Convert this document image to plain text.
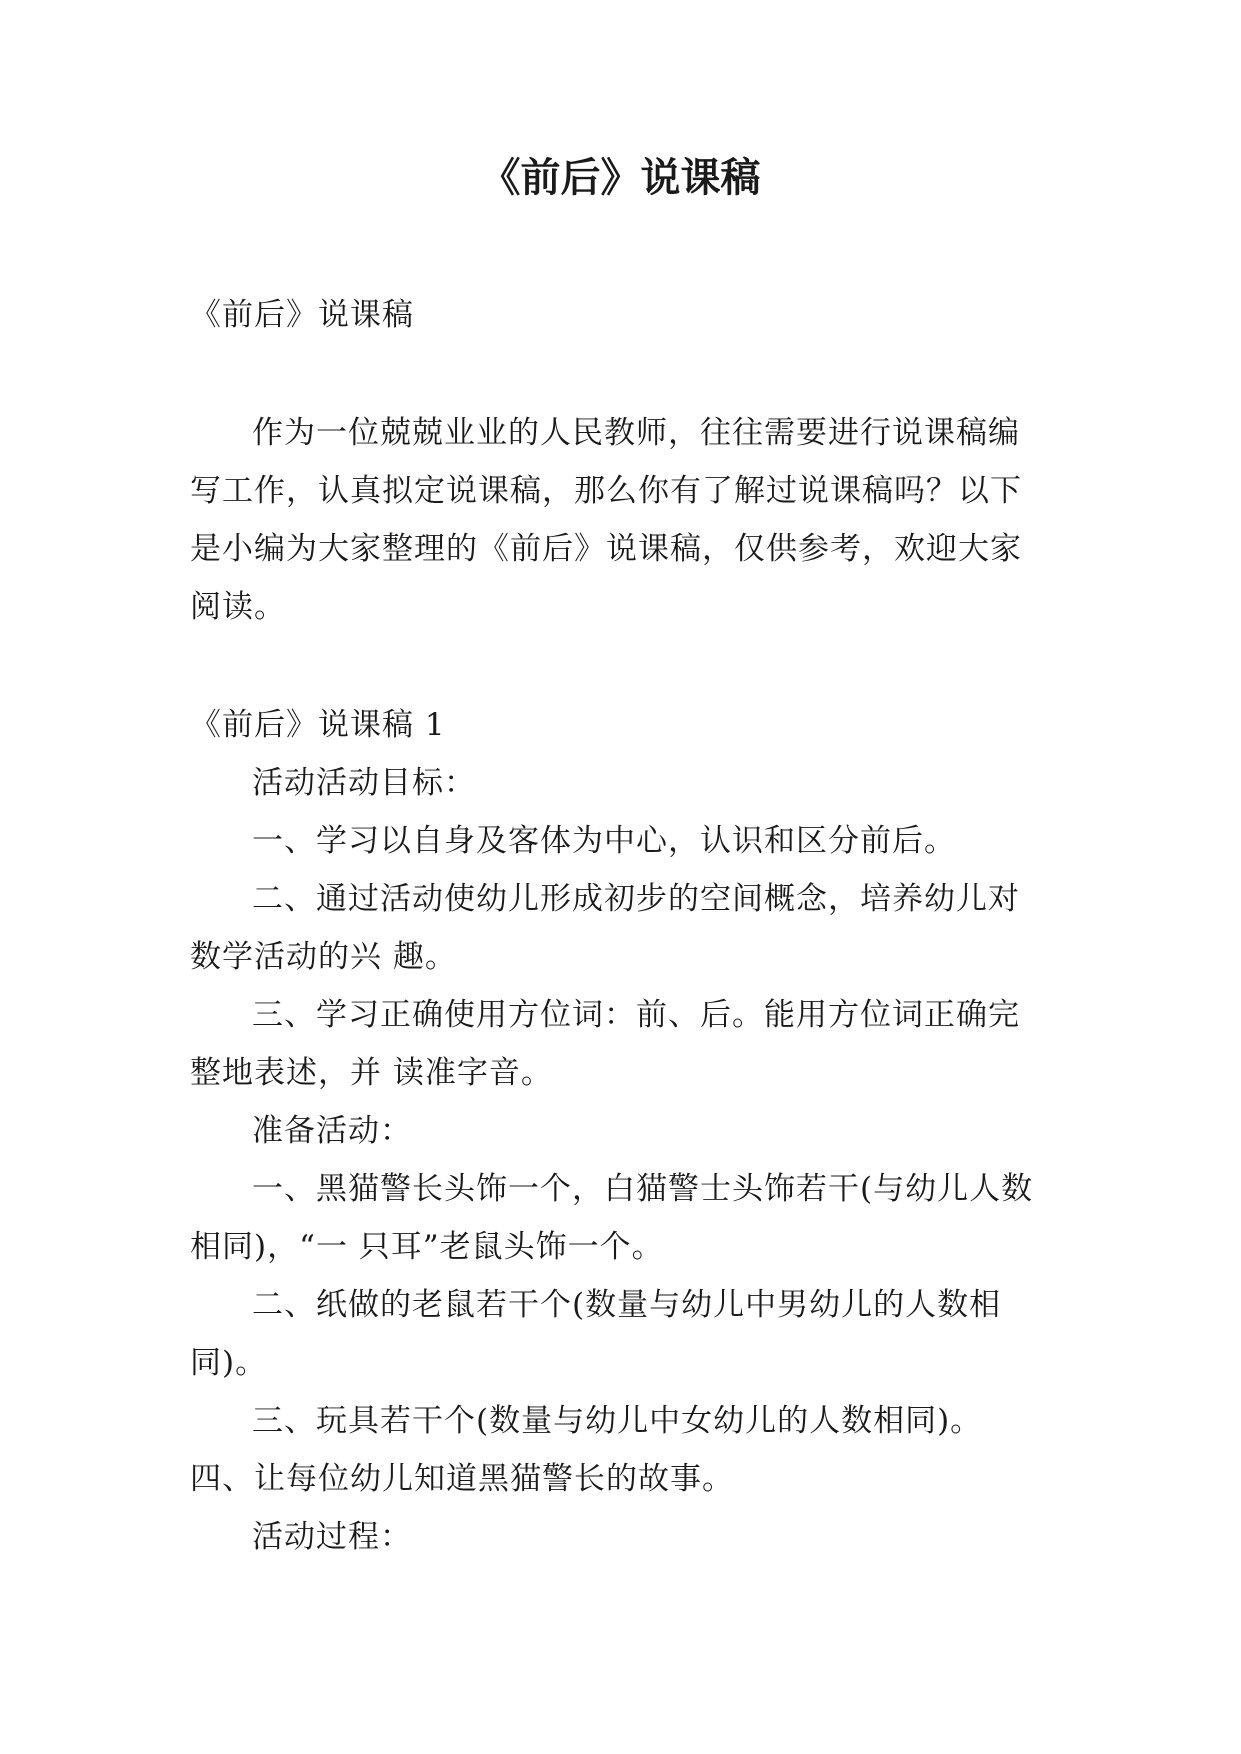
《前后》说课稿

《前后》说课稿

作为一位兢兢业业的人民教师，往往需要进行说课稿编写工作，认真拟定说课稿，那么你有了解过说课稿吗？以下是小编为大家整理的《前后》说课稿，仅供参考，欢迎大家阅读。

《前后》说课稿 1

活动活动目标：

一、学习以自身及客体为中心，认识和区分前后。

二、通过活动使幼儿形成初步的空间概念，培养幼儿对数学活动的兴 趣。

三、学习正确使用方位词：前、后。能用方位词正确完整地表述，并 读准字音。

准备活动：

一、黑猫警长头饰一个，白猫警士头饰若干(与幼儿人数相同)，“一 只耳”老鼠头饰一个。

二、纸做的老鼠若干个(数量与幼儿中男幼儿的人数相同)。

三、玩具若干个(数量与幼儿中女幼儿的人数相同)。

四、让每位幼儿知道黑猫警长的故事。

活动过程：
